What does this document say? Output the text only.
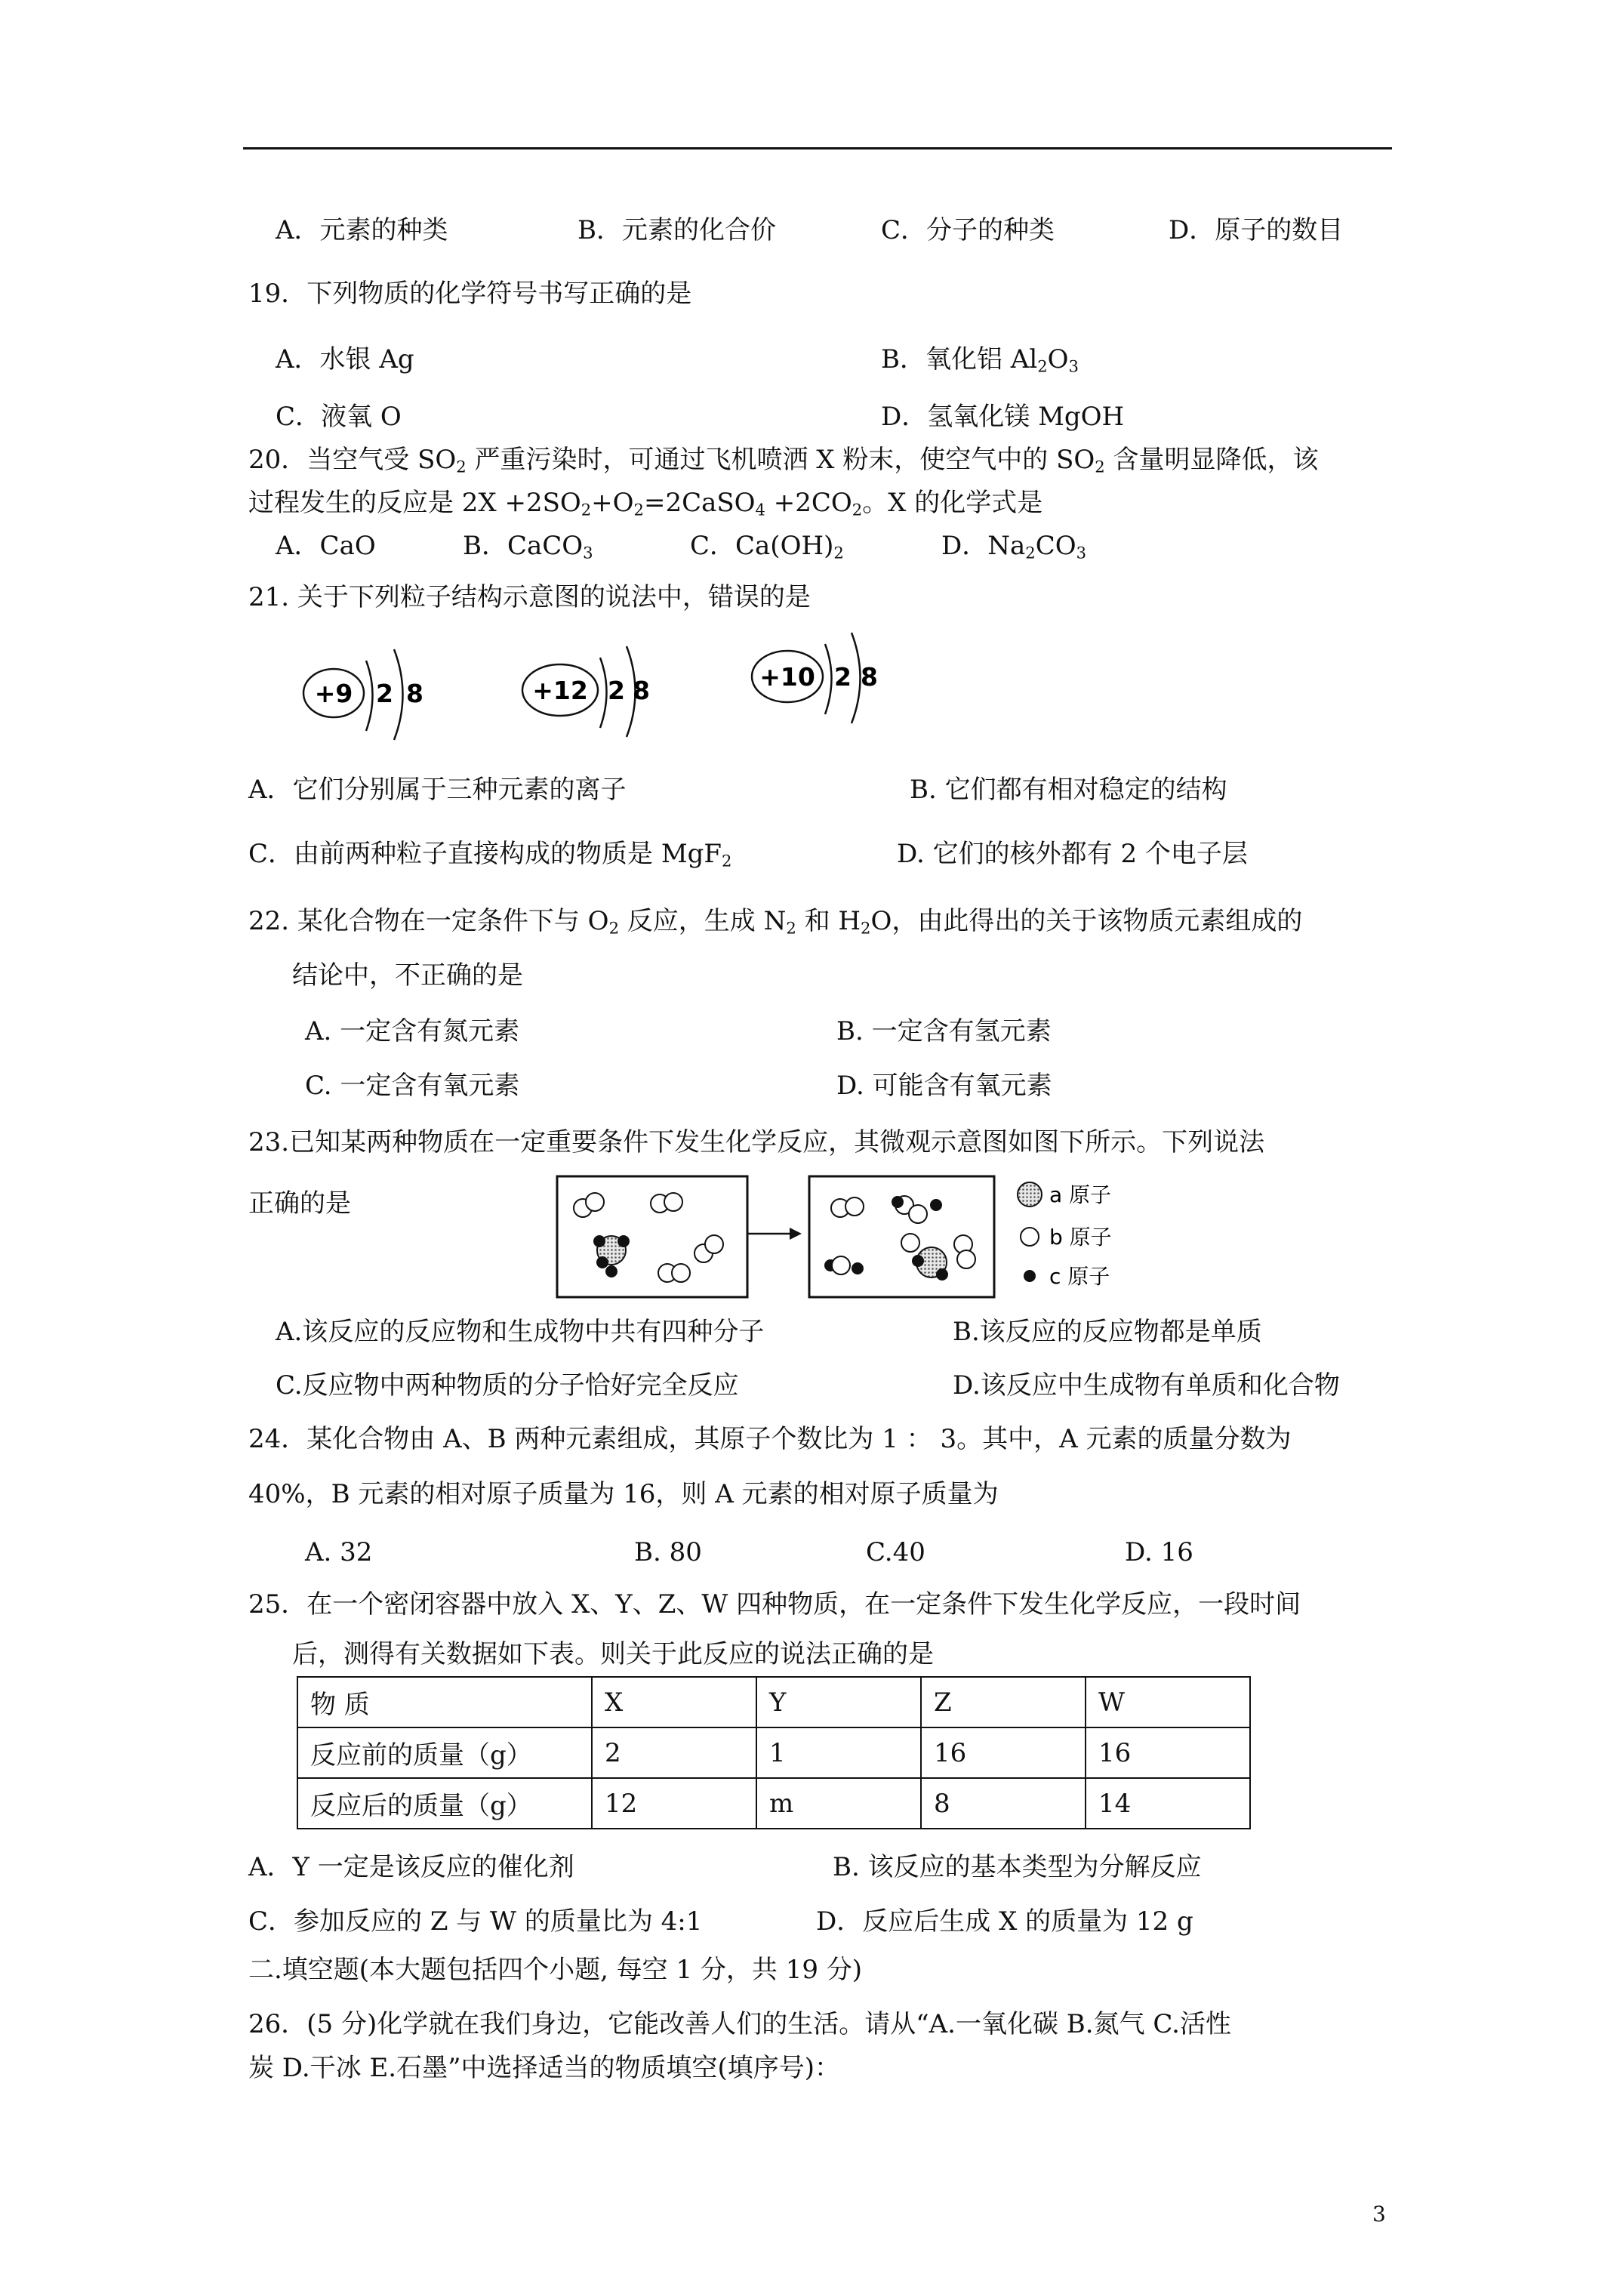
A．元素的种类	B．元素的化合价	C．分子的种类	D．原子的数目
19．下列物质的化学符号书写正确的是
A．水银 Ag	B．氧化铝 $Al_2O_3$
C．液氧 O	D．氢氧化镁 MgOH
20．当空气受 $SO_2$ 严重污染时，可通过飞机喷洒 X 粉末，使空气中的 $SO_2$ 含量明显降低，该
过程发生的反应是 $2X +2SO_2+O_2=2CaSO_4 +2CO_2$。X 的化学式是
A．CaO	B．CaCO$_3$	C．$Ca(OH)_2$	D．$Na_2CO_3$
21. 关于下列粒子结构示意图的说法中，错误的是
+9 2 8	+12 2 8	+10 2 8
A．它们分别属于三种元素的离子	B. 它们都有相对稳定的结构
C．由前两种粒子直接构成的物质是 MgF$_2$	D. 它们的核外都有 2 个电子层
22. 某化合物在一定条件下与 $O_2$ 反应，生成 $N_2$ 和 $H_2O$，由此得出的关于该物质元素组成的
结论中，不正确的是
A. 一定含有氮元素	B. 一定含有氢元素
C. 一定含有氧元素	D. 可能含有氧元素
23.已知某两种物质在一定重要条件下发生化学反应，其微观示意图如图下所示。下列说法
正确的是	a 原子
b 原子
c 原子
A.该反应的反应物和生成物中共有四种分子	B.该反应的反应物都是单质
C.反应物中两种物质的分子恰好完全反应	D.该反应中生成物有单质和化合物
24．某化合物由 A、B 两种元素组成，其原子个数比为 1 ： 3。其中，A 元素的质量分数为
40%，B 元素的相对原子质量为 16，则 A 元素的相对原子质量为
A. 32	B. 80	C.40	D. 16
25．在一个密闭容器中放入 X、Y、Z、W 四种物质，在一定条件下发生化学反应，一段时间
后，测得有关数据如下表。则关于此反应的说法正确的是
物 质	X	Y	Z	W
反应前的质量（g）	2	1	16	16
反应后的质量（g）	12	m	8	14
A．Y 一定是该反应的催化剂	B. 该反应的基本类型为分解反应
C．参加反应的 Z 与 W 的质量比为 4:1	D．反应后生成 X 的质量为 12 g
二.填空题(本大题包括四个小题, 每空 1 分，共 19 分)
26．(5 分)化学就在我们身边，它能改善人们的生活。请从“A.一氧化碳 B.氮气 C.活性
炭 D.干冰 E.石墨”中选择适当的物质填空(填序号)：
3
